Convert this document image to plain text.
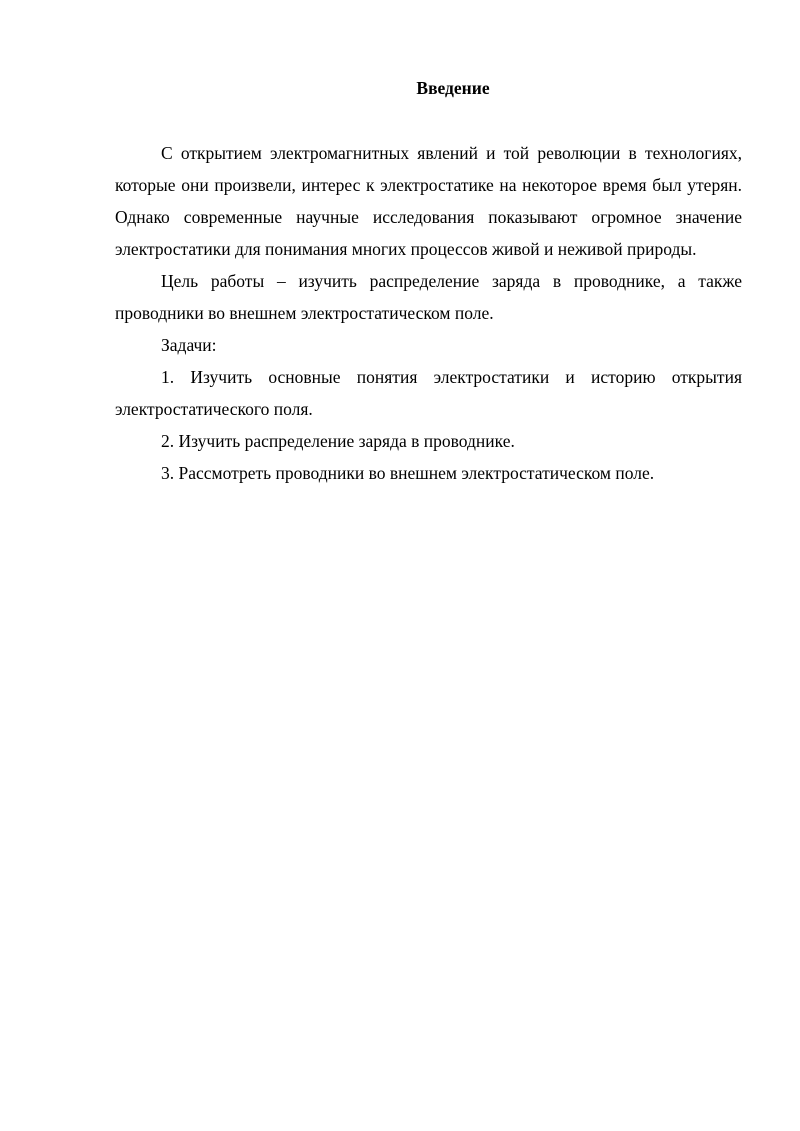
Введение

С открытием электромагнитных явлений и той революции в технологиях, которые они произвели, интерес к электростатике на некоторое время был утерян. Однако современные научные исследования показывают огромное значение электростатики для понимания многих процессов живой и неживой природы.

Цель работы – изучить распределение заряда в проводнике, а также проводники во внешнем электростатическом поле.

Задачи:

1. Изучить основные понятия электростатики и историю открытия электростатического поля.

2. Изучить распределение заряда в проводнике.

3. Рассмотреть проводники во внешнем электростатическом поле.
